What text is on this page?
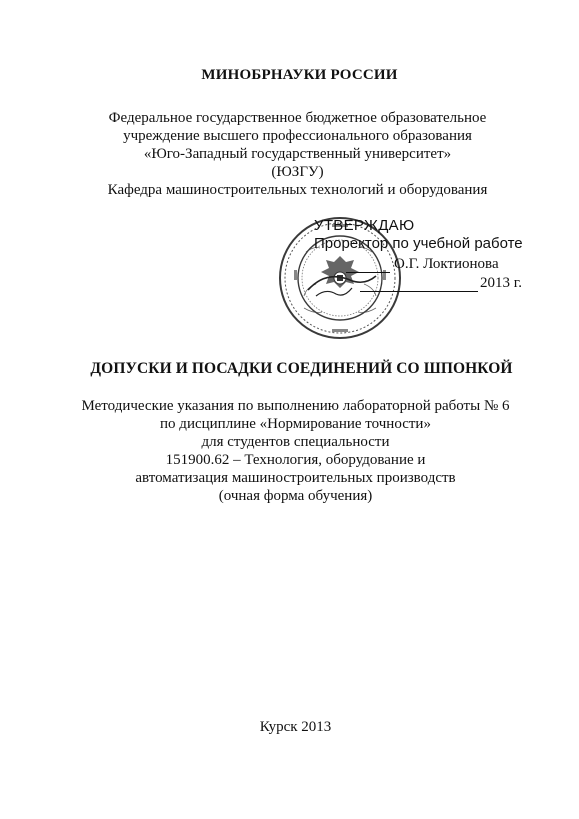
МИНОБРНАУКИ РОССИИ
Федеральное государственное бюджетное образовательное
учреждение высшего профессионального образования
«Юго-Западный государственный университет»
(ЮЗГУ)
Кафедра машиностроительных технологий и оборудования
УТВЕРЖДАЮ
Проректор по учебной работе
О.Г. Локтионова
2013 г.
ДОПУСКИ И ПОСАДКИ СОЕДИНЕНИЙ СО ШПОНКОЙ
Методические указания по выполнению лабораторной работы № 6
по дисциплине «Нормирование точности»
для студентов специальности
151900.62 – Технология, оборудование и
автоматизация машиностроительных производств
(очная форма обучения)
Курск 2013
